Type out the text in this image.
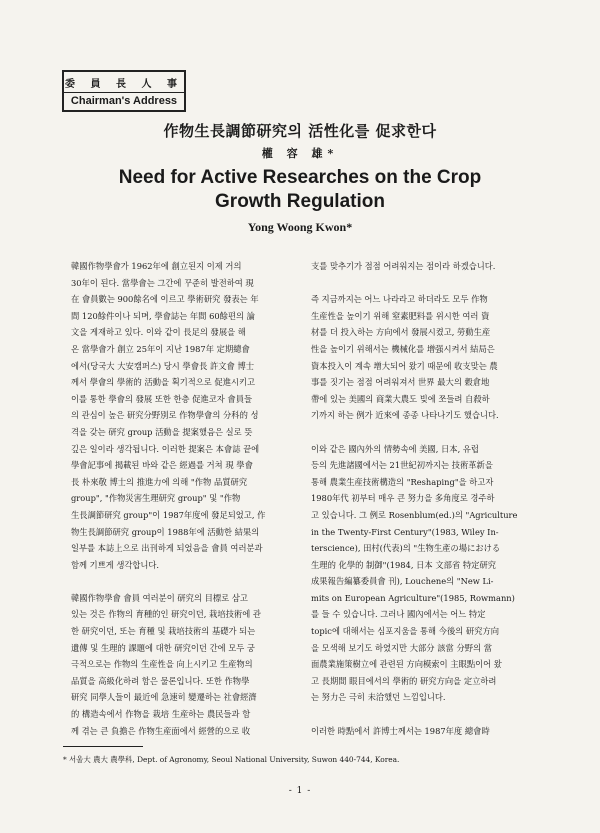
委 員 長 人 事
Chairman's Address
作物生長調節研究의 活性化를 促求한다
權 容 雄*
Need for Active Researches on the Crop
Growth Regulation
Yong Woong Kwon*

韓國作物學會가 1962年에 創立된지 이제 거의
30年이 된다. 當學會는 그간에 꾸준히 발전하여 現
在 會員數는 900餘名에 이르고 學術研究 發表는 年
間 120餘件이나 되며, 學會誌는 年間 60餘편의 論
文을 게재하고 있다. 이와 같이 長足의 發展을 해
온 當學會가 創立 25年이 지난 1987年 定期總會
에서(당국大 大安캠퍼스) 당시 學會長 許文會 博士
께서 學會의 學術的 活動을 획기적으로 促進시키고
이를 통한 學會의 發展 또한 한층 促進코자 會員들
의 관심이 높은 研究分野別로 作物學會의 分科的 성
격을 갖는 研究 group 活動을 提案했음은 실로 뜻
깊은 일이라 생각됩니다. 이러한 提案은 本會誌 끝에
學會記事에 揭載된 바와 같은 經過를 거쳐 現 學會
長 朴來敬 博士의 推進力에 의해 "作物 品質研究
group", "作物災害生理研究 group" 및 "作物
生長調節研究 group"이 1987年度에 發足되었고, 作
物生長調節研究 group이 1988年에 活動한 結果의
일부를 本誌上으로 出刊하게 되었음을 會員 여러분과
함께 기쁘게 생각합니다.

韓國作物學會 會員 여러분이 研究의 目標로 삼고
있는 것은 作物의 育種的인 研究이던, 栽培技術에 관
한 研究이던, 또는 育種 및 栽培技術의 基礎가 되는
遺傳 및 生理的 課題에 대한 研究이던 간에 모두 궁
극적으로는 作物의 生産性을 向上시키고 生産物의
品質을 高級化하려 함은 물론입니다. 또한 作物學
研究 同學人들이 最近에 急速히 變遷하는 社會經濟
的 構造속에서 作物을 栽培 生産하는 農民들과 함
께 겪는 큰 負擔은 作物生産面에서 經營的으로 收

支를 맞추기가 점점 어려워지는 점이라 하겠습니다.

즉 지금까지는 어느 나라라고 하더라도 모두 作物
生産性을 높이기 위해 窒素肥料를 위시한 여러 資
材를 더 投入하는 方向에서 發展시켰고, 勞動生産
性을 높이기 위해서는 機械化를 增强시켜서 結局은
資本投入이 계속 增大되어 왔기 때문에 收支맞는 農
事를 짓기는 점점 어려워져서 世界 最大의 穀倉地
帶에 있는 美國의 商業大農도 빚에 쪼들려 自殺하
기까지 하는 例가 近來에 종종 나타나기도 했습니다.

이와 같은 國內外의 情勢속에 美國, 日本, 유럽
등의 先進諸國에서는 21世紀初까지는 技術革新을
통해 農業生産技術構造의 "Reshaping"을 하고자
1980年代 初부터 매우 큰 努力을 多角度로 경주하
고 있습니다. 그 例로 Rosenblum(ed.)의 "Agriculture
in the Twenty-First Century"(1983, Wiley In-
terscience), 田村(代表)의 "生物生產の場における
生理的 化學的 制御"(1984, 日本 文部省 特定研究
成果報告編纂委員會 刊), Louchene의 "New Li-
mits on European Agriculture"(1985, Rowmann)
를 들 수 있습니다. 그러나 國內에서는 어느 特定
topic에 대해서는 심포지움을 통해 今後의 研究方向
을 모색해 보기도 하였지만 大部分 該當 分野의 當
面農業施策樹立에 관련된 方向模索이 主眼點이어 왔
고 長期間 眼目에서의 學術的 研究方向을 定立하려
는 努力은 극히 未洽했던 느낌입니다.

이러한 時點에서 許博士께서는 1987年度 總會時

* 서울大 農大 農學科, Dept. of Agronomy, Seoul National University, Suwon 440-744, Korea.
- 1 -
